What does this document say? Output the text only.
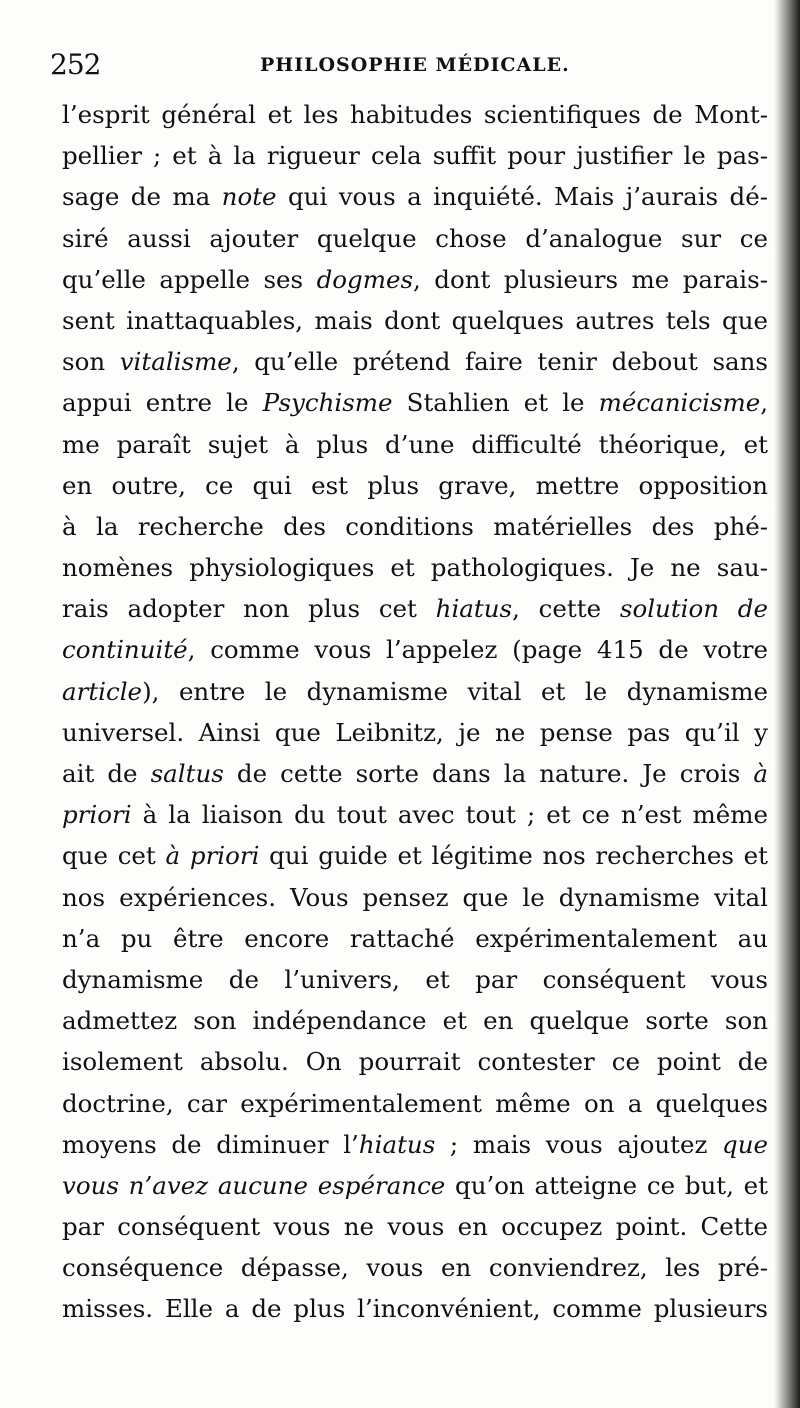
252	PHILOSOPHIE MÉDICALE.
l’esprit général et les habitudes scientifiques de Mont-
pellier ; et à la rigueur cela suffit pour justifier le pas-
sage de ma note qui vous a inquiété. Mais j’aurais dé-
siré aussi ajouter quelque chose d’analogue sur ce
qu’elle appelle ses dogmes, dont plusieurs me parais-
sent inattaquables, mais dont quelques autres tels que
son vitalisme, qu’elle prétend faire tenir debout sans
appui entre le Psychisme Stahlien et le mécanicisme,
me paraît sujet à plus d’une difficulté théorique, et
en outre, ce qui est plus grave, mettre opposition
à la recherche des conditions matérielles des phé-
nomènes physiologiques et pathologiques. Je ne sau-
rais adopter non plus cet hiatus, cette solution de
continuité, comme vous l’appelez (page 415 de votre
article), entre le dynamisme vital et le dynamisme
universel. Ainsi que Leibnitz, je ne pense pas qu’il y
ait de saltus de cette sorte dans la nature. Je crois à
priori à la liaison du tout avec tout ; et ce n’est même
que cet à priori qui guide et légitime nos recherches et
nos expériences. Vous pensez que le dynamisme vital
n’a pu être encore rattaché expérimentalement au
dynamisme de l’univers, et par conséquent vous
admettez son indépendance et en quelque sorte son
isolement absolu. On pourrait contester ce point de
doctrine, car expérimentalement même on a quelques
moyens de diminuer l’hiatus ; mais vous ajoutez que
vous n’avez aucune espérance qu’on atteigne ce but, et
par conséquent vous ne vous en occupez point. Cette
conséquence dépasse, vous en conviendrez, les pré-
misses. Elle a de plus l’inconvénient, comme plusieurs
